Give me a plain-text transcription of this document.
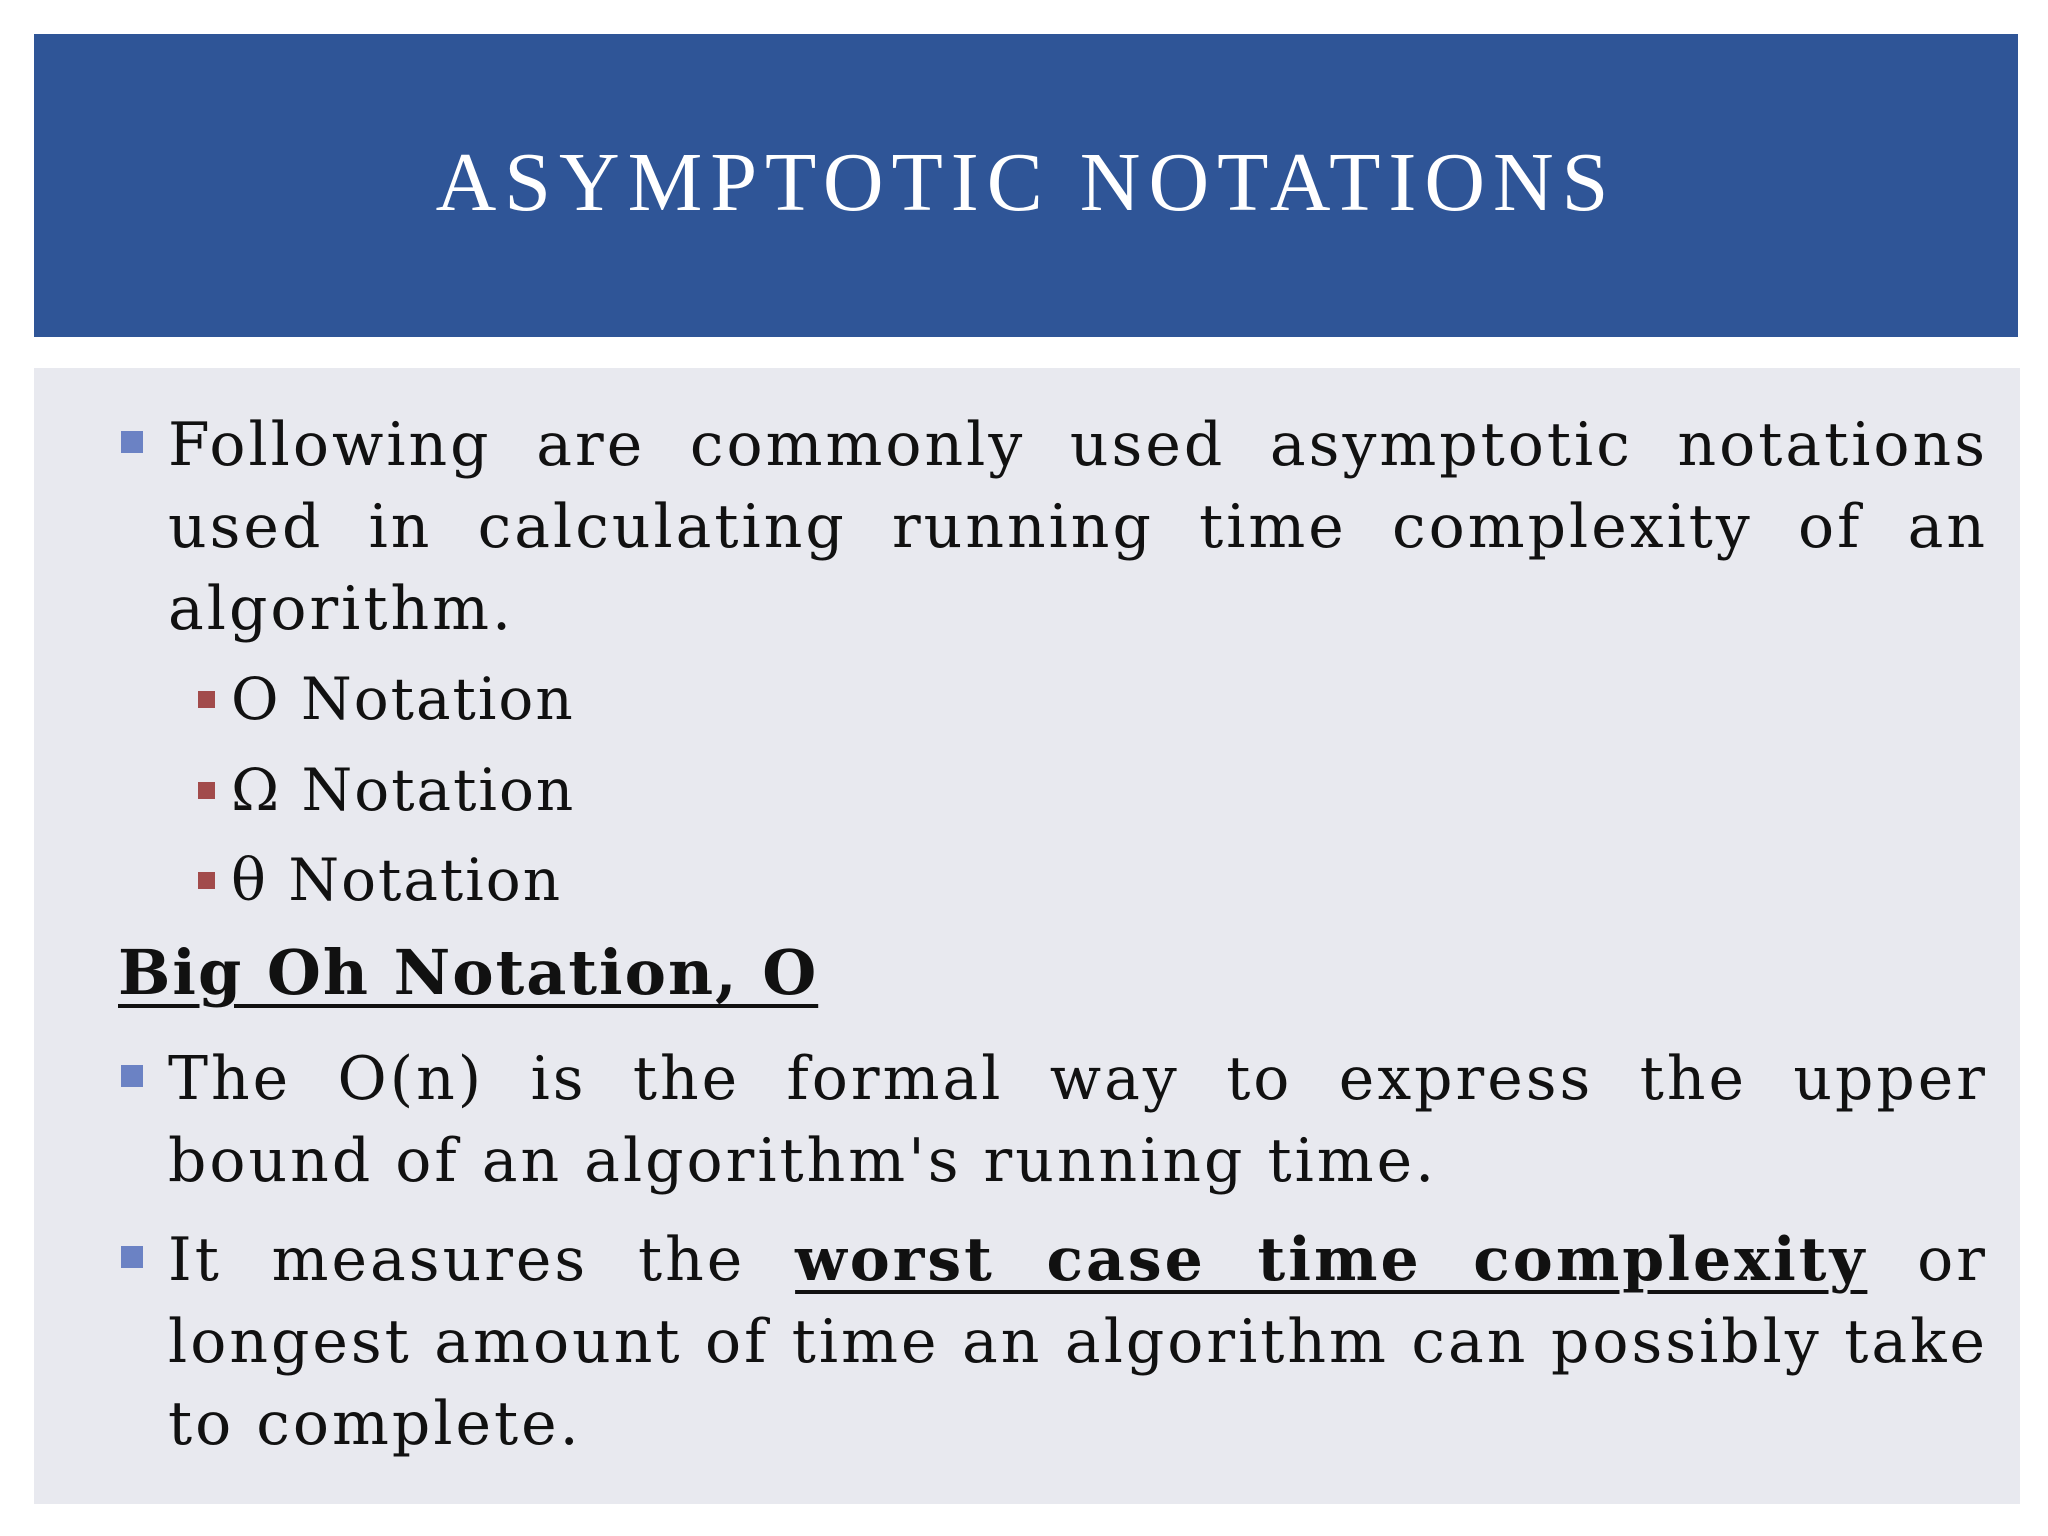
ASYMPTOTIC NOTATIONS
Following are commonly used asymptotic notations used in calculating running time complexity of an algorithm.
O Notation
Ω Notation
θ Notation
Big Oh Notation, O
The O(n) is the formal way to express the upper bound of an algorithm's running time.
It measures the worst case time complexity or longest amount of time an algorithm can possibly take to complete.
